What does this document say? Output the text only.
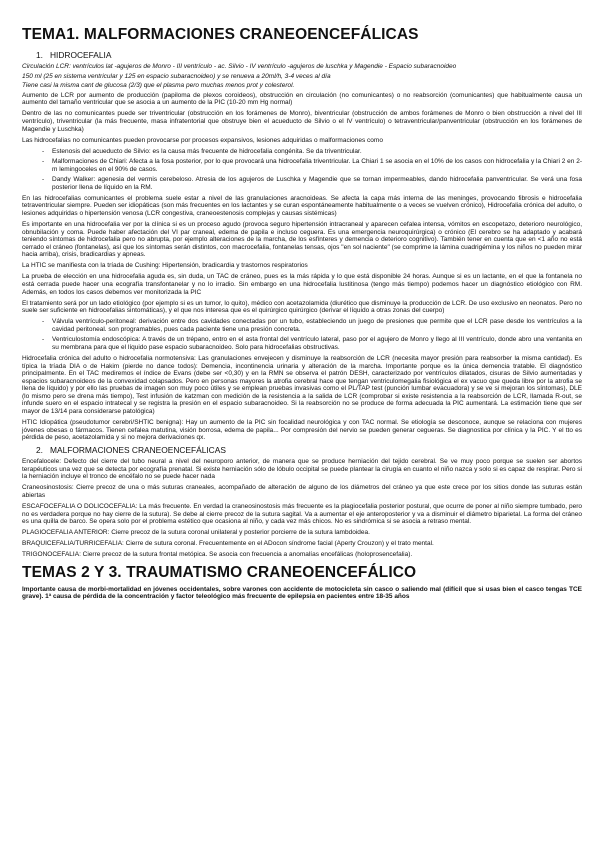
TEMA1. MALFORMACIONES CRANEOENCEFÁLICAS
1. HIDROCEFALIA

Circulación LCR: ventrículos lat -agujeros de Monro - III ventrículo - ac. Silvio - IV ventrículo -agujeros de luschka y Magendie - Espacio subaracnoideo

150 ml (25 en sistema ventricular y 125 en espacio subaracnoideo) y se renueva a 20ml/h, 3-4 veces al día

Tiene casi la misma cant de glucosa (2/3) que el plasma pero muchas menos prot y colesterol.

Aumento de LCR por aumento de producción (papiloma de plexos coroideos), obstrucción en circulación (no comunicantes) o no reabsorción (comunicantes) que habitualmente causa un aumento del tamaño ventricular que se asocia a un aumento de la PIC (10-20 mm Hg normal)

Dentro de las no comunicantes puede ser triventricular (obstrucción en los forámenes de Monro), biventricular (obstrucción de ambos forámenes de Monro o bien obstrucción a nivel del III ventrículo), triventricular (la más frecuente, masa infratentorial que obstruye bien el acueducto de Silvio o el IV ventrículo) o tetraventricular/panventricular (obstrucción en los forámenes de Magendie y Luschka)

Las hidrocefalias no comunicantes pueden provocarse por procesos expansivos, lesiones adquiridas o malformaciones como

- Estenosis del acueducto de Silvio: es la causa más frecuente de hidrocefalia congénita. Se da triventricular.
- Malformaciones de Chiari: Afecta a la fosa posterior, por lo que provocará una hidrocefalia triventricular. La Chiari 1 se asocia en el 10% de los casos con hidrocefalia y la Chiari 2 en 2-m lemingoceles en el 90% de casos.
- Dandy Walker: agenesia del vermis cerebeloso. Atresia de los agujeros de Luschka y Magendie que se tornan impermeables, dando hidrocefalia panventricular. Se verá una fosa posterior llena de líquido en la RM.

En las hidrocefalias comunicantes el problema suele estar a nivel de las granulaciones aracnoideas. Se afecta la capa más interna de las meninges, provocando fibrosis e hidrocefalia tetraventricular siempre. Pueden ser idiopáticas (son más frecuentes en los lactantes y se curan espontáneamente habitualmente o a veces se vuelven crónico), Hidrocefalia crónica del adulto, o lesiones adquiridas o hipertensión venosa (LCR congestiva, craneoestenosis complejas y causas sistémicas)

Es importante en una hidrocefalia ver por la clínica si es un proceso agudo (provoca seguro hipertensión intracraneal y aparecen cefalea intensa, vómitos en escopetazo, deterioro neurológico, obnubilación y coma. Puede haber afectación del VI par craneal, edema de papila e incluso ceguera. Es una emergencia neuroquirúrgica) o crónico (El cerebro se ha adaptado y acabará teniendo síntomas de hidrocefalia pero no abrupta, por ejemplo alteraciones de la marcha, de los esfínteres y demencia o deterioro cognitivo). También tener en cuenta que en <1 año no está cerrado el cráneo (fontanelas), así que los síntomas serán distintos, con macrocefalia, fontanelas tensas, ojos "en sol naciente" (se comprime la lámina cuadrigémina y los niños no pueden mirar hacia arriba), crisis, bradicardias y apneas.

La HTIC se manifiesta con la tríada de Cushing: Hipertensión, bradicardia y trastornos respiratorios

La prueba de elección en una hidrocefalia aguda es, sin duda, un TAC de cráneo, pues es la más rápida y lo que está disponible 24 horas. Aunque si es un lactante, en el que la fontanela no está cerrada puede hacer una ecografía transfontanelar y no lo irradio. Sin embargo en una hidrocefalia lustitinosa (tengo más tiempo) podemos hacer un diagnóstico etiológico con RM. Además, en todos los casos debemos ver monitorizada la PIC

El tratamiento será por un lado etiológico (por ejemplo si es un tumor, lo quito), médico con acetazolamida (diurético que disminuye la producción de LCR. De uso exclusivo en neonatos. Pero no suele ser suficiente en hidrocefalias sintomáticas), y el que nos interesa que es el quirúrgico quirúrgico (derivar el líquido a otras zonas del cuerpo)

- Válvula ventrículo-peritoneal: derivación entre dos cavidades conectadas por un tubo, estableciendo un juego de presiones que permite que el LCR pase desde los ventrículos a la cavidad peritoneal. son programables, pues cada paciente tiene una presión concreta.
- Ventriculostomía endoscópica: A través de un trépano, entro en el asta frontal del ventrículo lateral, paso por el agujero de Monro y llego al III ventrículo, donde abro una ventanita en su membrana para que el líquido pase espacio subaracnoideo. Solo para hidrocefalias obstructivas.

Hidrocefalia crónica del adulto o hidrocefalia normotensiva: Las granulaciones envejecen y disminuye la reabsorción de LCR (necesita mayor presión para reabsorber la misma cantidad). Es típica la tríada DIA o de Hakim (pierde no dance todos): Demencia, incontinencia urinaria y alteración de la marcha. Importante porque es la única demencia tratable. El diagnóstico principalmente. En el TAC mediremos el índice de Evans (debe ser <0,30) y en la RMN se observa el patrón DESH, caracterizado por ventrículos dilatados, cisuras de Silvio aumentadas y espacios subaracnoideos de la convexidad colapsados. Pero en personas mayores la atrofia cerebral hace que tengan ventriculomegalia fisiológica el ex vacuo que queda libre por la atrofia se llena de líquido) y por ello las pruebas de imagen son muy poco útiles y se emplean pruebas invasivas como el PL/TAP test (punción lumbar evacuadora) y se ve si mejoran los síntomas), DLE (lo mismo pero se drena más tiempo), Test infusión de katzman con medición de la resistencia a la salida de LCR (comprobar si existe resistencia a la reabsorción de LCR, llamada R-out, se infunde suero en el espacio intratecal y se registra la presión en el espacio subaracnoideo. Si la reabsorción no se produce de forma adecuada la PIC aumentará. La estimación tiene que ser mayor de 13/14 para considerarse patológica)

HTIC Idiopática (pseudotumor cerebri/SHTIC benigna): Hay un aumento de la PIC sin focalidad neurológica y con TAC normal. Se etiología se desconoce, aunque se relaciona con mujeres jóvenes obesas o fármacos. Tienen cefalea matutina, visión borrosa, edema de papila... Por compresión del nervio se pueden generar cegueras. Se diagnostica por clínica y la PIC. Y el tto es pérdida de peso, acetazolamida y si no mejora derivaciones qx.

2. MALFORMACIONES CRANEOENCEFÁLICAS

Encefalocele: Defecto del cierre del tubo neural a nivel del neuroporo anterior, de manera que se produce herniación del tejido cerebral. Se ve muy poco porque se suelen ser abortos terapéuticos una vez que se detecta por ecografía prenatal. Si existe herniación sólo de lóbulo occipital se puede plantear la cirugía en cuanto el niño nazca y solo si es capaz de respirar. Pero si la herniación incluye el tronco de encéfalo no se puede hacer nada

Craneosinostosis: Cierre precoz de una o más suturas craneales, acompañado de alteración de alguno de los diámetros del cráneo ya que este crece por los sitios donde las suturas están abiertas

ESCAFOCEFALIA O DOLICOCEFALIA: La más frecuente. En verdad la craneosinostosis más frecuente es la plagiocefalia posterior postural, que ocurre de poner al niño siempre tumbado, pero no es verdadera porque no hay cierre de la sutura). Se debe al cierre precoz de la sutura sagital. Va a aumentar el eje anteroposterior y va a disminuir el diámetro biparietal. La forma del cráneo es una quilla de barco. Se opera solo por el problema estético que ocasiona al niño, y cada vez más chicos. No es sindrómica si se asocia a retraso mental.

PLAGIOCEFALIA ANTERIOR: Cierre precoz de la sutura coronal unilateral y posterior porcierre de la sutura lambdoidea.

BRAQUICEFALIA/TURRICEFALIA: Cierre de sutura coronal. Frecuentemente en el ADocon síndrome facial (Aperty Crouzon) y el trato mental.

TRIGONOCEFALIA: Cierre precoz de la sutura frontal metópica. Se asocia con frecuencia a anomalías encefálicas (holoprosencefalia).

TEMAS 2 Y 3. TRAUMATISMO CRANEOENCEFÁLICO

Importante causa de morbi-mortalidad en jóvenes occidentales, sobre varones con accidente de motocicleta sin casco o saliendo mal (difícil que si usas bien el casco tengas TCE grave). 1ª causa de pérdida de la concentración y factor teleológico más frecuente de epilepsia en pacientes entre 18-35 años
